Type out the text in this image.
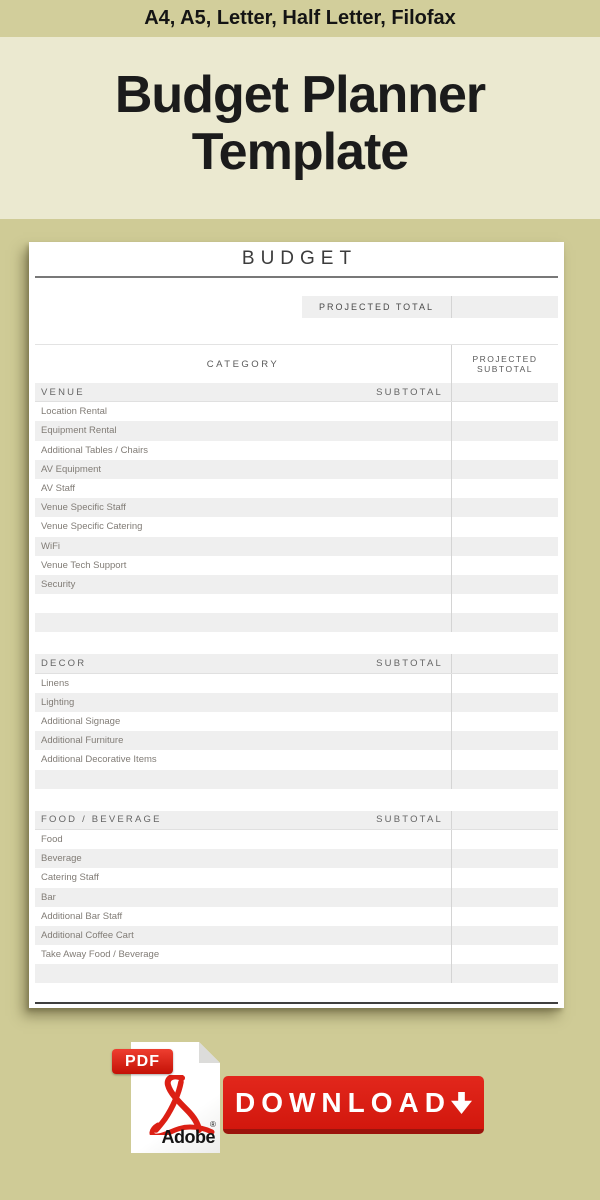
A4, A5, Letter, Half Letter, Filofax
Budget Planner
Template
BUDGET
PROJECTED TOTAL
CATEGORY	PROJECTED
SUBTOTAL
VENUE	SUBTOTAL
Location Rental
Equipment Rental
Additional Tables / Chairs
AV Equipment
AV Staff
Venue Specific Staff
Venue Specific Catering
WiFi
Venue Tech Support
Security
DECOR	SUBTOTAL
Linens
Lighting
Additional Signage
Additional Furniture
Additional Decorative Items
FOOD / BEVERAGE	SUBTOTAL
Food
Beverage
Catering Staff
Bar
Additional Bar Staff
Additional Coffee Cart
Take Away Food / Beverage
PDF
®
Adobe
DOWNLOAD
